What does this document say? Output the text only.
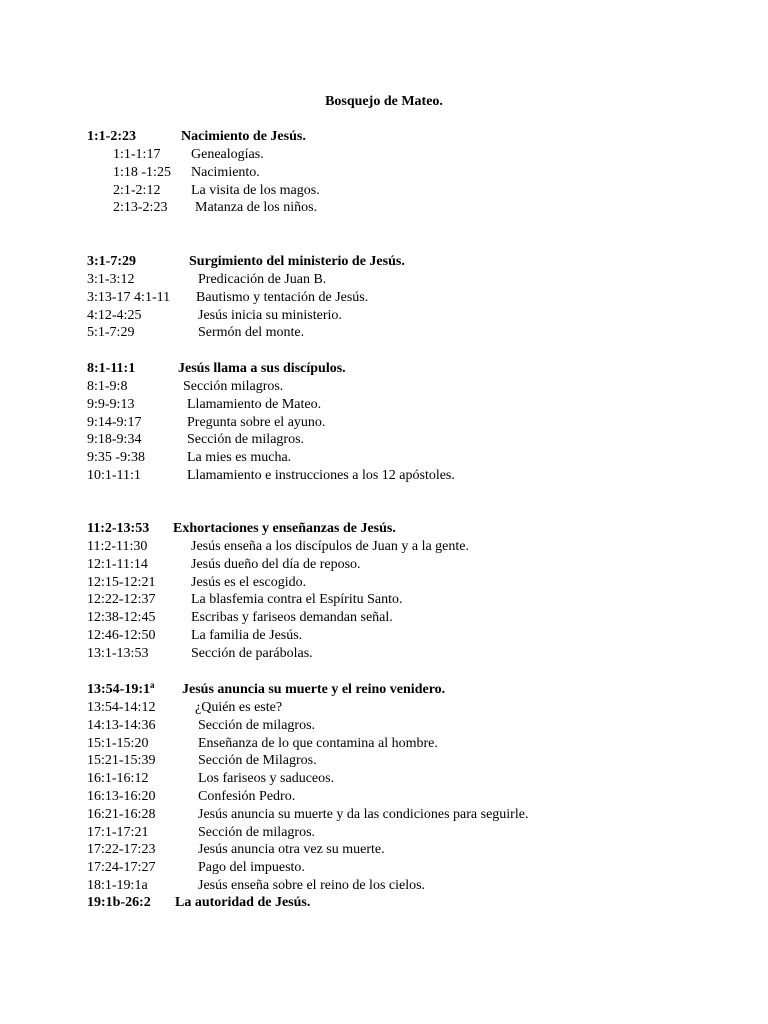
Bosquejo de Mateo.
1:1-2:23	Nacimiento de Jesús.
1:1-1:17 Genealogías.
1:18 -1:25 Nacimiento.
2:1-2:12 La visita de los magos.
2:13-2:23 Matanza de los niños.
3:1-7:29	Surgimiento del ministerio de Jesús.
3:1-3:12	Predicación de Juan B.
3:13-17 4:1-11 Bautismo y tentación de Jesús.
4:12-4:25	Jesús inicia su ministerio.
5:1-7:29	Sermón del monte.
8:1-11:1	Jesús llama a sus discípulos.
8:1-9:8	Sección milagros.
9:9-9:13	Llamamiento de Mateo.
9:14-9:17	Pregunta sobre el ayuno.
9:18-9:34	Sección de milagros.
9:35 -9:38	La mies es mucha.
10:1-11:1	Llamamiento e instrucciones a los 12 apóstoles.
11:2-13:53 Exhortaciones y enseñanzas de Jesús.
11:2-11:30	Jesús enseña a los discípulos de Juan y a la gente.
12:1-11:14	Jesús dueño del día de reposo.
12:15-12:21	Jesús es el escogido.
12:22-12:37	La blasfemia contra el Espíritu Santo.
12:38-12:45	Escribas y fariseos demandan señal.
12:46-12:50	La familia de Jesús.
13:1-13:53	Sección de parábolas.
13:54-19:1$^a$ Jesús anuncia su muerte y el reino venidero.
13:54-14:12	¿Quién es este?
14:13-14:36	Sección de milagros.
15:1-15:20	Enseñanza de lo que contamina al hombre.
15:21-15:39	Sección de Milagros.
16:1-16:12	Los fariseos y saduceos.
16:13-16:20	Confesión Pedro.
16:21-16:28	Jesús anuncia su muerte y da las condiciones para seguirle.
17:1-17:21	Sección de milagros.
17:22-17:23	Jesús anuncia otra vez su muerte.
17:24-17:27	Pago del impuesto.
18:1-19:1a	Jesús enseña sobre el reino de los cielos.
19:1b-26:2 La autoridad de Jesús.
